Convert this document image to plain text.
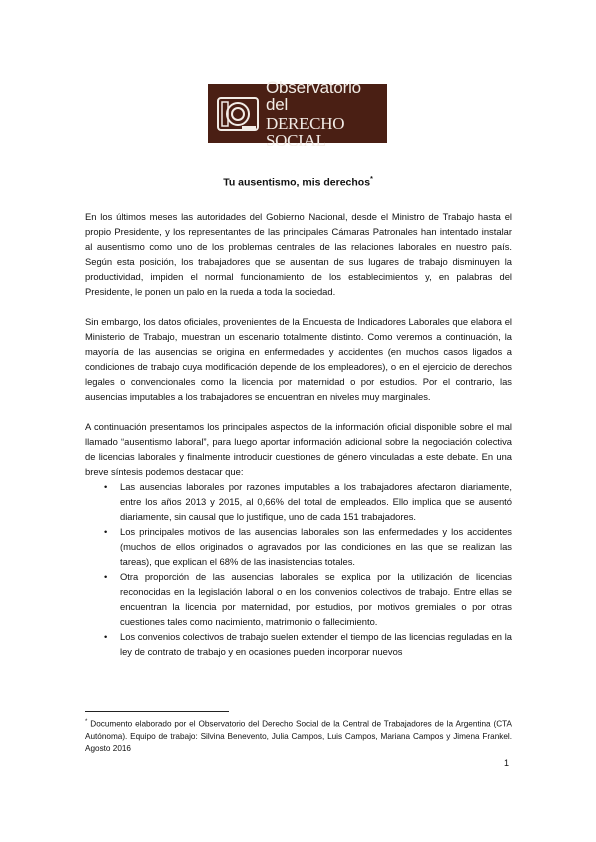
Observatorio del
DERECHO SOCIAL
Tu ausentismo, mis derechos*

En los últimos meses las autoridades del Gobierno Nacional, desde el Ministro de Trabajo hasta el propio Presidente, y los representantes de las principales Cámaras Patronales han intentado instalar al ausentismo como uno de los problemas centrales de las relaciones laborales en nuestro país. Según esta posición, los trabajadores que se ausentan de sus lugares de trabajo disminuyen la productividad, impiden el normal funcionamiento de los establecimientos y, en palabras del Presidente, le ponen un palo en la rueda a toda la sociedad.

Sin embargo, los datos oficiales, provenientes de la Encuesta de Indicadores Laborales que elabora el Ministerio de Trabajo, muestran un escenario totalmente distinto. Como veremos a continuación, la mayoría de las ausencias se origina en enfermedades y accidentes (en muchos casos ligados a condiciones de trabajo cuya modificación depende de los empleadores), o en el ejercicio de derechos legales o convencionales como la licencia por maternidad o por estudios. Por el contrario, las ausencias imputables a los trabajadores se encuentran en niveles muy marginales.

A continuación presentamos los principales aspectos de la información oficial disponible sobre el mal llamado “ausentismo laboral”, para luego aportar información adicional sobre la negociación colectiva de licencias laborales y finalmente introducir cuestiones de género vinculadas a este debate. En una breve síntesis podemos destacar que:

• Las ausencias laborales por razones imputables a los trabajadores afectaron diariamente, entre los años 2013 y 2015, al 0,66% del total de empleados. Ello implica que se ausentó diariamente, sin causal que lo justifique, uno de cada 151 trabajadores.
• Los principales motivos de las ausencias laborales son las enfermedades y los accidentes (muchos de ellos originados o agravados por las condiciones en las que se realizan las tareas), que explican el 68% de las inasistencias totales.
• Otra proporción de las ausencias laborales se explica por la utilización de licencias reconocidas en la legislación laboral o en los convenios colectivos de trabajo. Entre ellas se encuentran la licencia por maternidad, por estudios, por motivos gremiales o por otras cuestiones tales como nacimiento, matrimonio o fallecimiento.
• Los convenios colectivos de trabajo suelen extender el tiempo de las licencias reguladas en la ley de contrato de trabajo y en ocasiones pueden incorporar nuevos
* Documento elaborado por el Observatorio del Derecho Social de la Central de Trabajadores de la Argentina (CTA Autónoma). Equipo de trabajo: Silvina Benevento, Julia Campos, Luis Campos, Mariana Campos y Jimena Frankel. Agosto 2016
1
